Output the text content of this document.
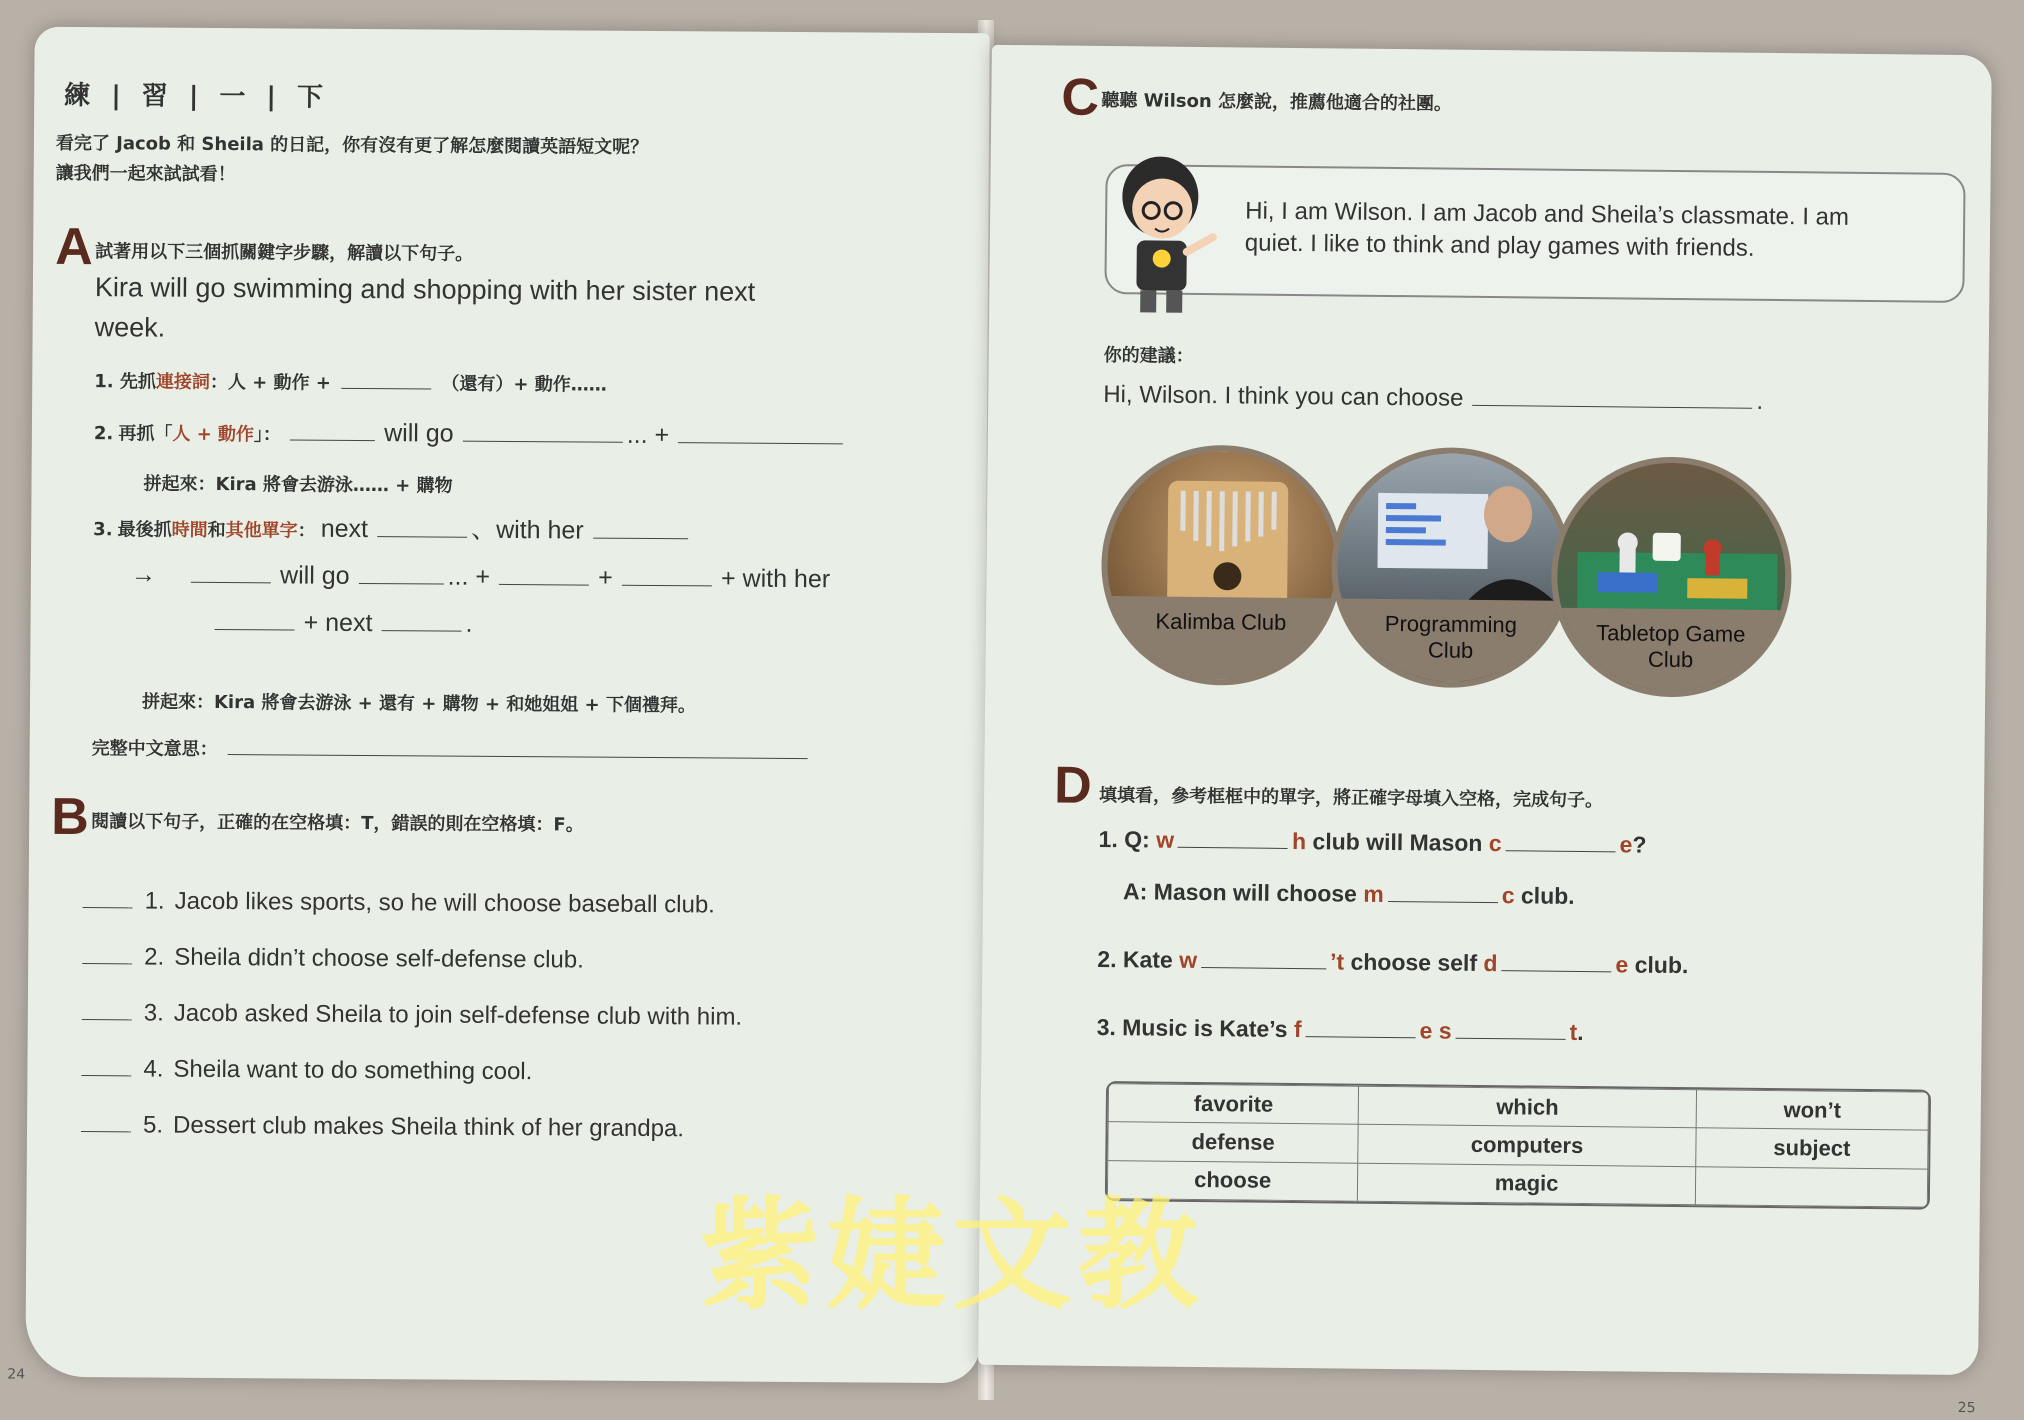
練 | 習 | 一 | 下
看完了 Jacob 和 Sheila 的日記，你有沒有更了解怎麼閱讀英語短文呢？
讓我們一起來試試看！
A 試著用以下三個抓關鍵字步驟，解讀以下句子。
Kira will go swimming and shopping with her sister next
week.
1. 先抓連接詞：人 + 動作 +	（還有）+ 動作……
2. 再抓「人 + 動作」：	will go	... +
拼起來：Kira 將會去游泳…… + 購物
3. 最後抓時間和其他單字： next	、with her
→	will go	... +	+	+ with her
+ next	.
拼起來：Kira 將會去游泳 + 還有 + 購物 + 和她姐姐 + 下個禮拜。
完整中文意思：
B 閱讀以下句子，正確的在空格填：T，錯誤的則在空格填：F。
1. Jacob likes sports, so he will choose baseball club.
2. Sheila didn’t choose self-defense club.
3. Jacob asked Sheila to join self-defense club with him.
4. Sheila want to do something cool.
5. Dessert club makes Sheila think of her grandpa.
24
C 聽聽 Wilson 怎麼說，推薦他適合的社團。
Hi, I am Wilson. I am Jacob and Sheila’s classmate. I am
quiet. I like to think and play games with friends.
你的建議：
Hi, Wilson. I think you can choose	.
Kalimba Club	Programming
Club
Tabletop Game
Club
D 填填看，參考框框中的單字，將正確字母填入空格，完成句子。
1. Q: w	h club will Mason c	e?
A: Mason will choose m	c club.
2. Kate w	’t choose self d	e club.
3. Music is Kate’s f	e s	t.
favorite	which	won’t
defense	computers	subject
choose	magic	
25
紫婕文教
